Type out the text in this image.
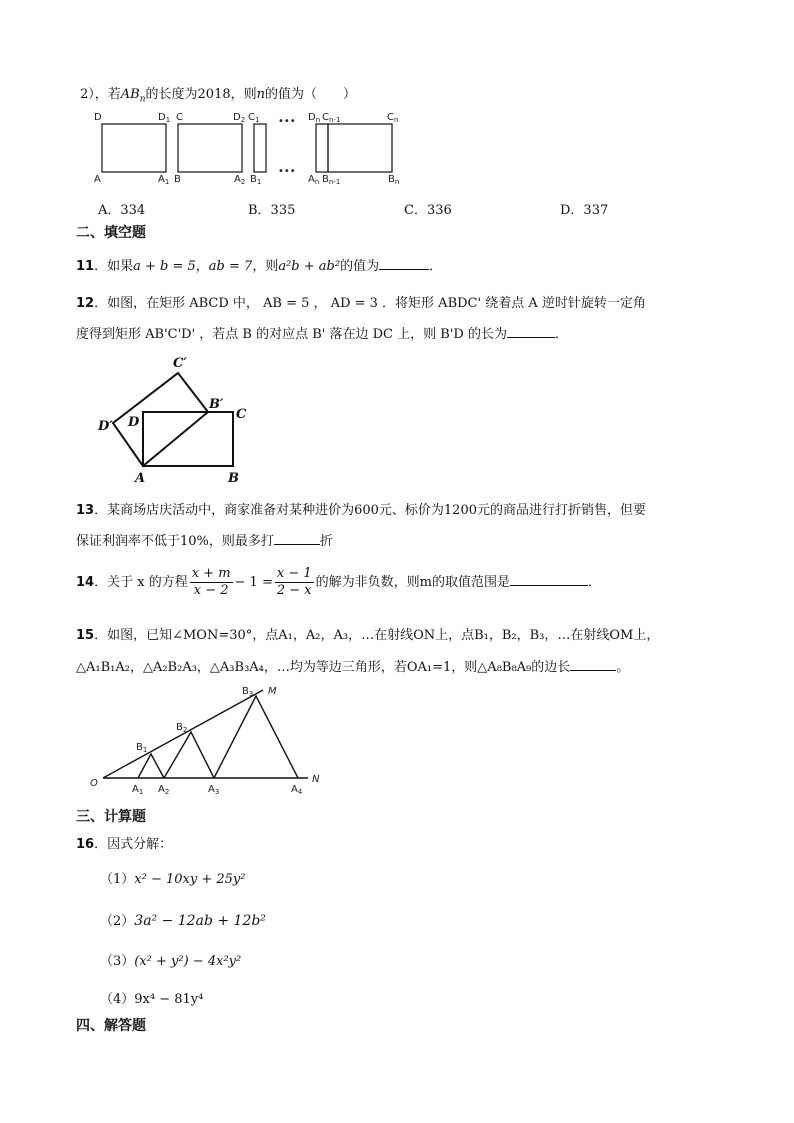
2），若$AB_n$的长度为2018，则n的值为（　　）
D	$D_1$ C	$D_2$ $C_1$ ••• $D_n$ $C_{n-1}$	$C_n$
A	$A_1$ B	$A_2$ $B_1$
•••
$A_n$ $B_{n-1}$	$B_n$
A．334	B．335	C．336	D．337
二、填空题
11．如果a + b = 5，ab = 7，则a²b + ab²的值为	．
12．如图，在矩形 ABCD 中， AB = 5 ， AD = 3 ．将矩形 ABDC' 绕着点 A 逆时针旋转一定角
度得到矩形 AB'C'D' ，若点 B 的对应点 B' 落在边 DC 上，则 B'D 的长为	．
C′
B′
C
D′ D
A	B
13．某商场店庆活动中，商家准备对某种进价为600元、标价为1200元的商品进行打折销售，但要
保证利润率不低于10%，则最多打	折
14．关于 x 的方程 $\frac{x + m}{x - 2} - 1 = \frac{x - 1}{2 - x}$ 的解为非负数，则m的取值范围是	．
15．如图，已知∠MON=30°，点A₁，A₂，A₃，…在射线ON上，点B₁，B₂，B₃，…在射线OM上，
△A₁B₁A₂，△A₂B₂A₃，△A₃B₃A₄，…均为等边三角形，若OA₁=1，则△A₈B₈A₉的边长	。
$B_3$ M
$B_2$
$B_1$
O
$A_1$ $A_2$	$A_3$	$A_4$
N
三、计算题
16．因式分解：
（1）x² − 10xy + 25y²
（2）3a² − 12ab + 12b²
（3）(x² + y²) − 4x²y²
（4）9x⁴ − 81y⁴
四、解答题
